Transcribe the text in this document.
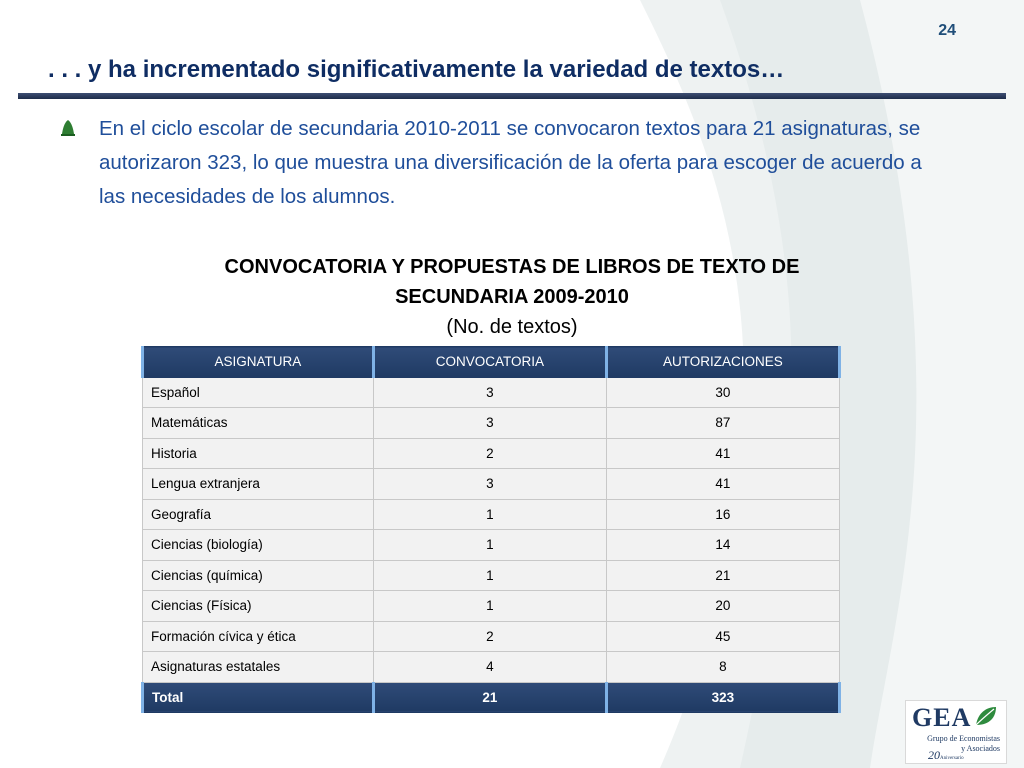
24
. . . y ha incrementado significativamente la variedad de textos…
En el ciclo escolar de secundaria 2010-2011 se convocaron textos para 21 asignaturas, se autorizaron 323, lo que muestra una diversificación de la oferta para escoger de acuerdo a las necesidades de los alumnos.
CONVOCATORIA Y PROPUESTAS DE LIBROS DE TEXTO DE
SECUNDARIA 2009-2010
(No. de textos)
ASIGNATURA	CONVOCATORIA	AUTORIZACIONES
Español	3	30
Matemáticas	3	87
Historia	2	41
Lengua extranjera	3	41
Geografía	1	16
Ciencias (biología)	1	14
Ciencias (química)	1	21
Ciencias (Física)	1	20
Formación cívica y ética	2	45
Asignaturas estatales	4	8
Total	21	323
GEA
Grupo de Economistas
y Asociados
20 Aniversario
